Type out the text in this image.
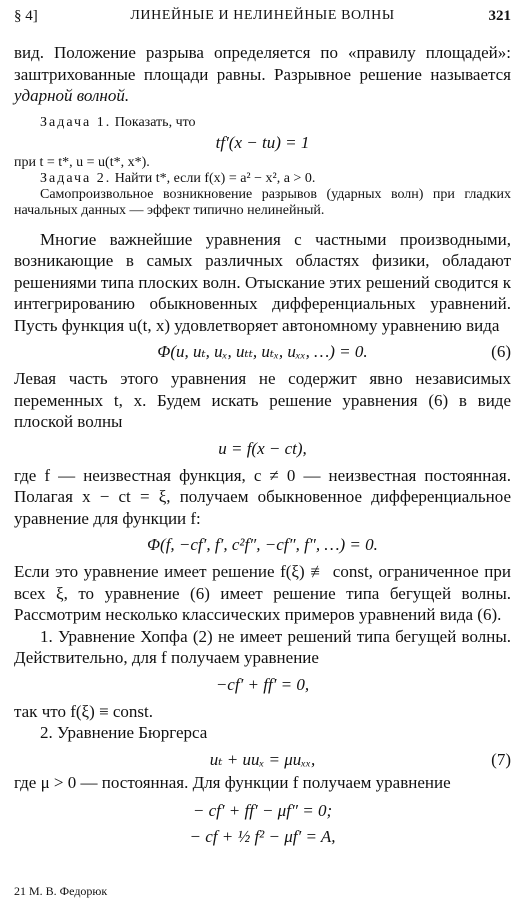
§ 4]	ЛИНЕЙНЫЕ И НЕЛИНЕЙНЫЕ ВОЛНЫ	321

вид. Положение разрыва определяется по «правилу площадей»: заштрихованные площади равны. Разрывное решение называется ударной волной.

Задача 1. Показать, что

tf′(x − tu) = 1

при t = t*, u = u(t*, x*).

Задача 2. Найти t*, если f(x) = a² − x², a > 0.

Самопроизвольное возникновение разрывов (ударных волн) при гладких начальных данных — эффект типично нелинейный.

Многие важнейшие уравнения с частными производными, возникающие в самых различных областях физики, обладают решениями типа плоских волн. Отыскание этих решений сводится к интегрированию обыкновенных дифференциальных уравнений. Пусть функция u(t, x) удовлетворяет автономному уравнению вида

Φ(u, uₜ, uₓ, uₜₜ, uₜₓ, uₓₓ, …) = 0.	(6)

Левая часть этого уравнения не содержит явно независимых переменных t, x. Будем искать решение уравнения (6) в виде плоской волны

u = f(x − ct),

где f — неизвестная функция, c ≠ 0 — неизвестная постоянная. Полагая x − ct = ξ, получаем обыкновенное дифференциальное уравнение для функции f:

Φ(f, −cf′, f′, c²f″, −cf″, f″, …) = 0.

Если это уравнение имеет решение f(ξ) ≢ const, ограниченное при всех ξ, то уравнение (6) имеет решение типа бегущей волны. Рассмотрим несколько классических примеров уравнений вида (6).

1. Уравнение Хопфа (2) не имеет решений типа бегущей волны. Действительно, для f получаем уравнение

−cf′ + ff′ = 0,

так что f(ξ) ≡ const.

2. Уравнение Бюргерса

uₜ + uuₓ = μuₓₓ,	(7)

где μ > 0 — постоянная. Для функции f получаем уравнение

− cf′ + ff′ − μf″ = 0;

− cf + ½ f² − μf′ = A,

21 М. В. Федорюк
